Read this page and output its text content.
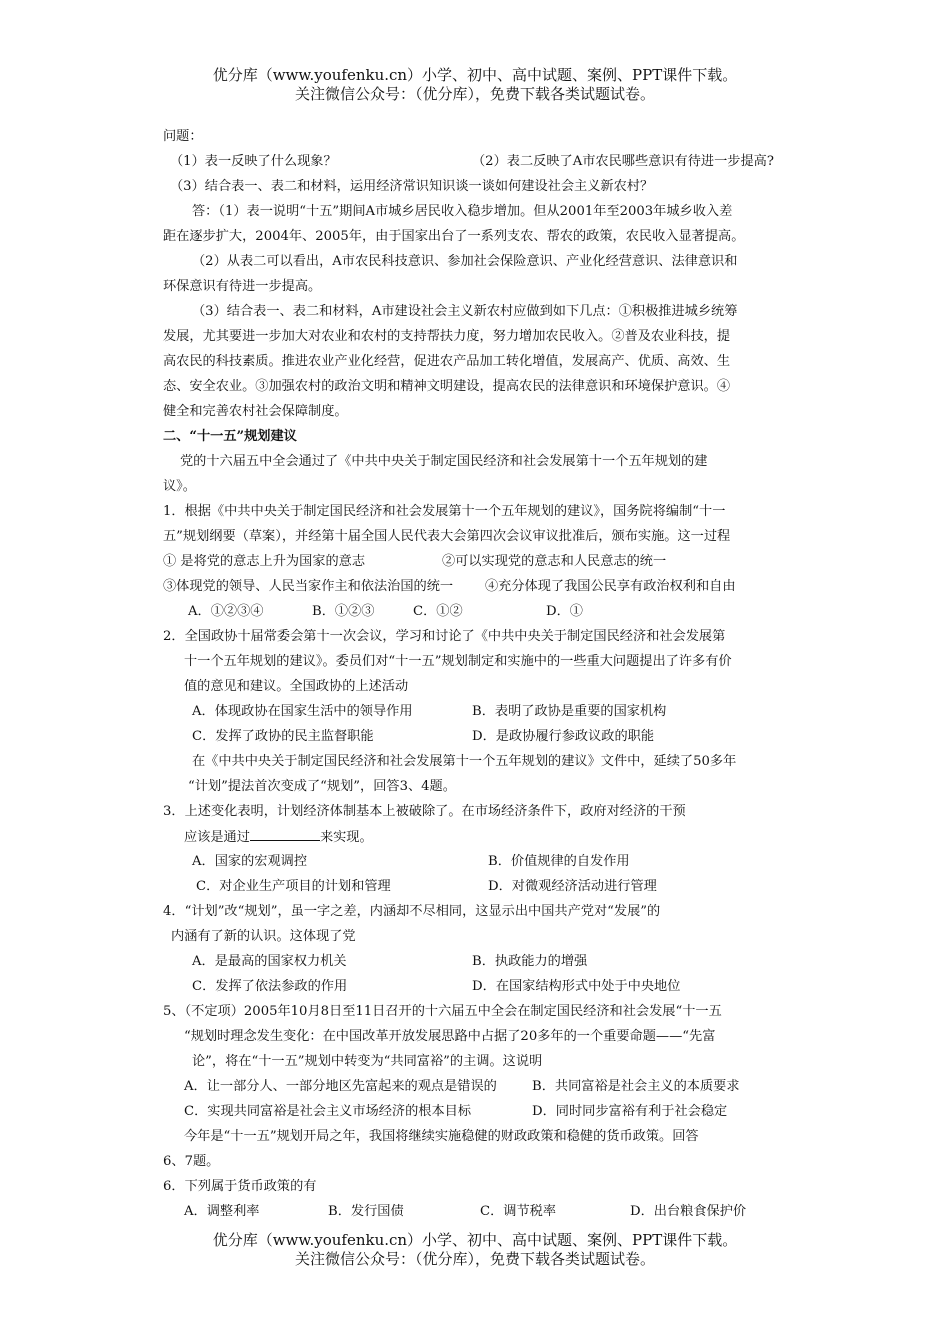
优分库（www.youfenku.cn）小学、初中、高中试题、案例、PPT课件下载。
关注微信公众号：（优分库），免费下载各类试题试卷。
问题：
（1）表一反映了什么现象？	（2）表二反映了A市农民哪些意识有待进一步提高?
（3）结合表一、表二和材料，运用经济常识知识谈一谈如何建设社会主义新农村？
答：（1）表一说明“十五”期间A市城乡居民收入稳步增加。但从2001年至2003年城乡收入差
距在逐步扩大，2004年、2005年，由于国家出台了一系列支农、帮农的政策，农民收入显著提高。
（2）从表二可以看出，A市农民科技意识、参加社会保险意识、产业化经营意识、法律意识和
环保意识有待进一步提高。
（3）结合表一、表二和材料，A市建设社会主义新农村应做到如下几点：①积极推进城乡统筹
发展，尤其要进一步加大对农业和农村的支持帮扶力度，努力增加农民收入。②普及农业科技，提
高农民的科技素质。推进农业产业化经营，促进农产品加工转化增值，发展高产、优质、高效、生
态、安全农业。③加强农村的政治文明和精神文明建设，提高农民的法律意识和环境保护意识。④
健全和完善农村社会保障制度。
二、“十一五”规划建议
党的十六届五中全会通过了《中共中央关于制定国民经济和社会发展第十一个五年规划的建
议》。
1．根据《中共中央关于制定国民经济和社会发展第十一个五年规划的建议》，国务院将编制“十一
五”规划纲要（草案），并经第十届全国人民代表大会第四次会议审议批准后，颁布实施。这一过程
① 是将党的意志上升为国家的意志	②可以实现党的意志和人民意志的统一
③体现党的领导、人民当家作主和依法治国的统一 ④充分体现了我国公民享有政治权利和自由
A．①②③④	B．①②③	C．①②	D．①
2．全国政协十届常委会第十一次会议，学习和讨论了《中共中央关于制定国民经济和社会发展第
十一个五年规划的建议》。委员们对“十一五”规划制定和实施中的一些重大问题提出了许多有价
值的意见和建议。全国政协的上述活动
A．体现政协在国家生活中的领导作用	B．表明了政协是重要的国家机构
C．发挥了政协的民主监督职能	D．是政协履行参政议政的职能
在《中共中央关于制定国民经济和社会发展第十一个五年规划的建议》文件中，延续了50多年
“计划”提法首次变成了“规划”，回答3、4题。
3．上述变化表明，计划经济体制基本上被破除了。在市场经济条件下，政府对经济的干预
应该是通过	来实现。
A．国家的宏观调控	B．价值规律的自发作用
C．对企业生产项目的计划和管理	D．对微观经济活动进行管理
4．“计划”改“规划”，虽一字之差，内涵却不尽相同，这显示出中国共产党对“发展”的
内涵有了新的认识。这体现了党
A．是最高的国家权力机关	B．执政能力的增强
C．发挥了依法参政的作用	D．在国家结构形式中处于中央地位
5、（不定项）2005年10月8日至11日召开的十六届五中全会在制定国民经济和社会发展“十一五
“规划时理念发生变化：在中国改革开放发展思路中占据了20多年的一个重要命题——“先富
论”，将在“十一五”规划中转变为“共同富裕”的主调。这说明
A．让一部分人、一部分地区先富起来的观点是错误的	B．共同富裕是社会主义的本质要求
C．实现共同富裕是社会主义市场经济的根本目标	D．同时同步富裕有利于社会稳定
今年是“十一五”规划开局之年，我国将继续实施稳健的财政政策和稳健的货币政策。回答
6、7题。
6．下列属于货币政策的有
A．调整利率	B．发行国债	C．调节税率	D．出台粮食保护价
优分库（www.youfenku.cn）小学、初中、高中试题、案例、PPT课件下载。
关注微信公众号：（优分库），免费下载各类试题试卷。
